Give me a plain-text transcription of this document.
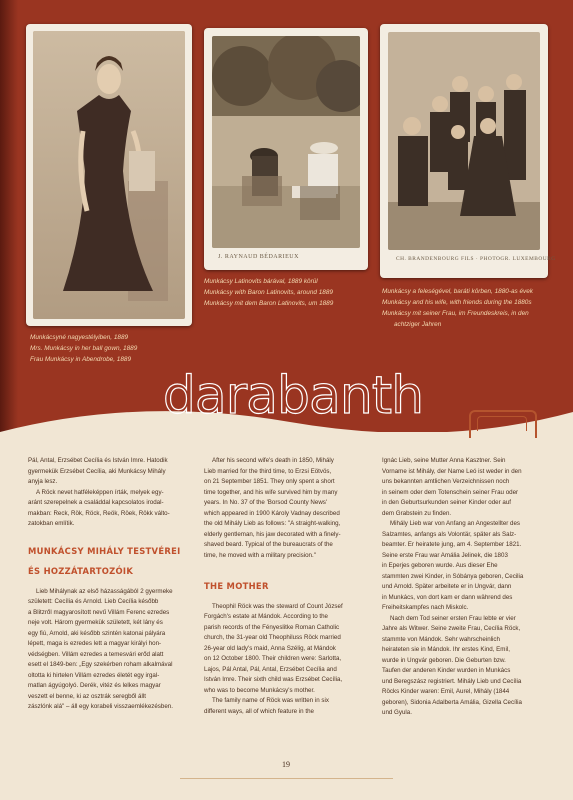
J. RAYNAUD BÉDARIEUX	CH. BRANDENBOURG FILS · PHOTOGR. LUXEMBOURG
Munkácsyné nagyestélyiben, 1889
Mrs. Munkácsy in her ball gown, 1889
Frau Munkácsy in Abendrobe, 1889
Munkácsy Latinovits bárával, 1889 körül
Munkácsy with Baron Latinovits, around 1889
Munkácsy mit dem Baron Latinovits, um 1889
Munkácsy a feleségével, baráti körben, 1880-as évek
Munkácsy and his wife, with friends during the 1880s
Munkácsy mit seiner Frau, im Freundeskreis, in den
achtziger Jahren
darabanth

Pál, Antal, Erzsébet Cecília és István Imre. Hatodik

gyermekük Erzsébet Cecília, aki Munkácsy Mihály

anyja lesz.

A Röck nevet hatféleképpen írták, melyek egy-

aránt szerepelnek a családdal kapcsolatos irodal-

makban: Reck, Rök, Röck, Reök, Röek, Rökk válto-

zatokban említik.

MUNKÁCSY MIHÁLY TESTVÉREI
ÉS HOZZÁTARTOZÓIK

Lieb Mihálynak az első házasságából 2 gyermeke

született: Cecília és Arnold. Lieb Cecília később

a Blitzről magyarosított nevű Villám Ferenc ezredes

neje volt. Három gyermekük született, két lány és

egy fiú, Arnold, aki később szintén katonai pályára

lépett, maga is ezredes lett a magyar királyi hon-

védségben. Villám ezredes a temesvári erőd alatt

esett el 1849-ben: „Egy szekérben roham alkalmával

oltotta ki hirtelen Villám ezredes életét egy irgal-

matlan ágyúgolyó. Derék, vitéz és lelkes magyar

veszett el benne, ki az osztrák seregből állt

zászlónk alá" – áll egy korabeli visszaemlékezésben.

After his second wife's death in 1850, Mihály

Lieb married for the third time, to Erzsi Eötvös,

on 21 September 1851. They only spent a short

time together, and his wife survived him by many

years. In No. 37 of the 'Borsod County News'

which appeared in 1900 Károly Vadnay described

the old Mihály Lieb as follows: "A straight-walking,

elderly gentleman, his jaw decorated with a finely-

shaved beard. Typical of the bureaucrats of the

time, he moved with a military precision."

THE MOTHER

Theophil Röck was the steward of Count József

Forgách's estate at Mándok. According to the

parish records of the Fényeslitke Roman Catholic

church, the 31-year old Theophiluss Röck married

26-year old lady's maid, Anna Szélig, at Mándok

on 12 October 1800. Their children were: Sarlotta,

Lajos, Pál Antal, Pál, Antal, Erzsébet Cecília and

István Imre. Their sixth child was Erzsébet Cecília,

who was to become Munkácsy's mother.

The family name of Röck was written in six

different ways, all of which feature in the

Ignác Lieb, seine Mutter Anna Kasztner. Sein

Vorname ist Mihály, der Name Leó ist weder in den

uns bekannten amtlichen Verzeichnissen noch

in seinem oder dem Totenschein seiner Frau oder

in den Geburtsurkunden seiner Kinder oder auf

dem Grabstein zu finden.

Mihály Lieb war von Anfang an Angestellter des

Salzamtes, anfangs als Volontär, später als Salz-

beamter. Er heiratete jung, am 4. September 1821.

Seine erste Frau war Amália Jelinek, die 1803

in Eperjes geboren wurde. Aus dieser Ehe

stammten zwei Kinder, in Sóbánya geboren, Cecilia

und Arnold. Später arbeitete er in Ungvár, dann

in Munkács, von dort kam er dann während des

Freiheitskampfes nach Miskolc.

Nach dem Tod seiner ersten Frau lebte er vier

Jahre als Witwer. Seine zweite Frau, Cecília Röck,

stammte von Mándok. Sehr wahrscheinlich

heirateten sie in Mándok. Ihr erstes Kind, Emil,

wurde in Ungvár geboren. Die Geburten bzw.

Taufen der anderen Kinder wurden in Munkács

und Beregszász registriert. Mihály Lieb und Cecília

Röcks Kinder waren: Emil, Aurel, Mihály (1844

geboren), Sidonia Adalberta Amália, Gizella Cecília

und Gyula.

19
